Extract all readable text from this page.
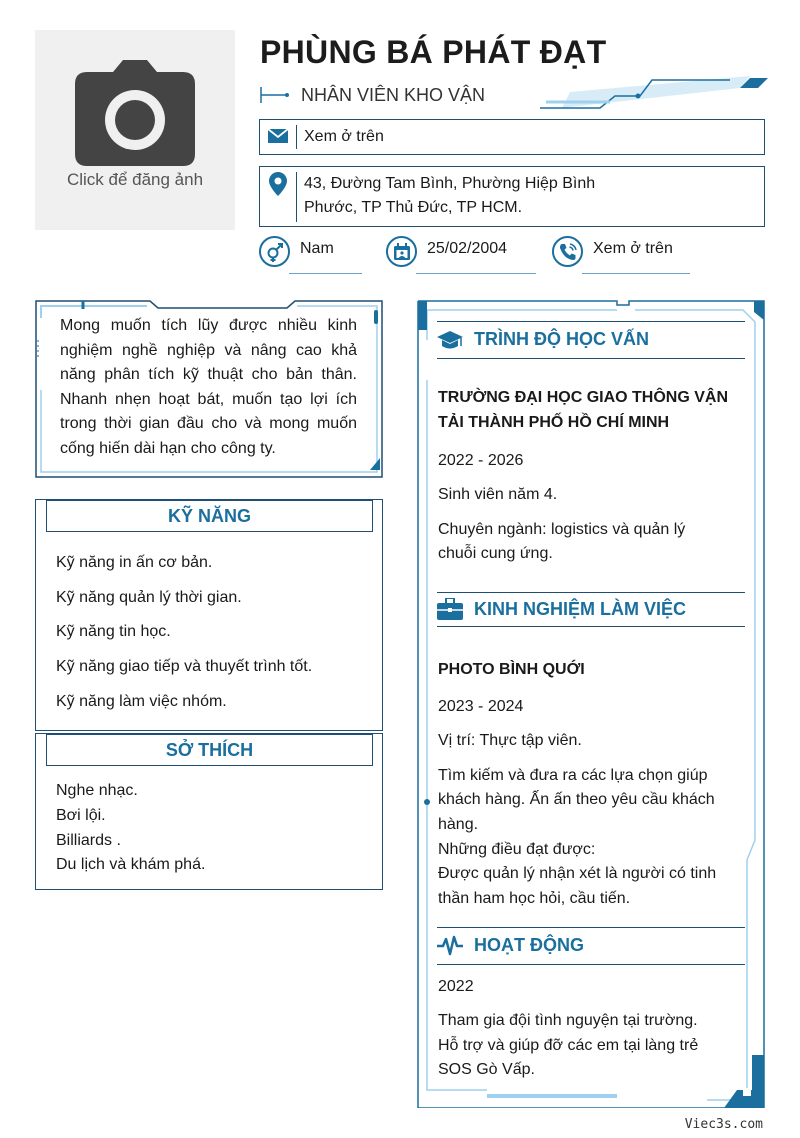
Click để đăng ảnh
PHÙNG BÁ PHÁT ĐẠT
NHÂN VIÊN KHO VẬN
Xem ở trên
43, Đường Tam Bình, Phường Hiệp Bình
Phước, TP Thủ Đức, TP HCM.
Nam	25/02/2004	Xem ở trên
Mong muốn tích lũy được nhiều kinh nghiệm nghề nghiệp và nâng cao khả năng phân tích kỹ thuật cho bản thân. Nhanh nhẹn hoạt bát, muốn tạo lợi ích trong thời gian đầu cho và mong muốn cống hiến dài hạn cho công ty.
KỸ NĂNG
Kỹ năng in ấn cơ bản.
Kỹ năng quản lý thời gian.
Kỹ năng tin học.
Kỹ năng giao tiếp và thuyết trình tốt.
Kỹ năng làm việc nhóm.
SỞ THÍCH
Nghe nhạc.
Bơi lội.
Billiards .
Du lịch và khám phá.
TRÌNH ĐỘ HỌC VẤN
TRƯỜNG ĐẠI HỌC GIAO THÔNG VẬN
TẢI THÀNH PHỐ HỒ CHÍ MINH
2022 - 2026
Sinh viên năm 4.
Chuyên ngành: logistics và quản lý
chuỗi cung ứng.
KINH NGHIỆM LÀM VIỆC
PHOTO BÌNH QUỚI
2023 - 2024
Vị trí: Thực tập viên.
Tìm kiếm và đưa ra các lựa chọn giúp
khách hàng. Ấn ấn theo yêu cầu khách
hàng.
Những điều đạt được:
Được quản lý nhận xét là người có tinh
thần ham học hỏi, cầu tiến.
HOẠT ĐỘNG
2022
Tham gia đội tình nguyện tại trường.
Hỗ trợ và giúp đỡ các em tại làng trẻ
SOS Gò Vấp.
Viec3s.com
